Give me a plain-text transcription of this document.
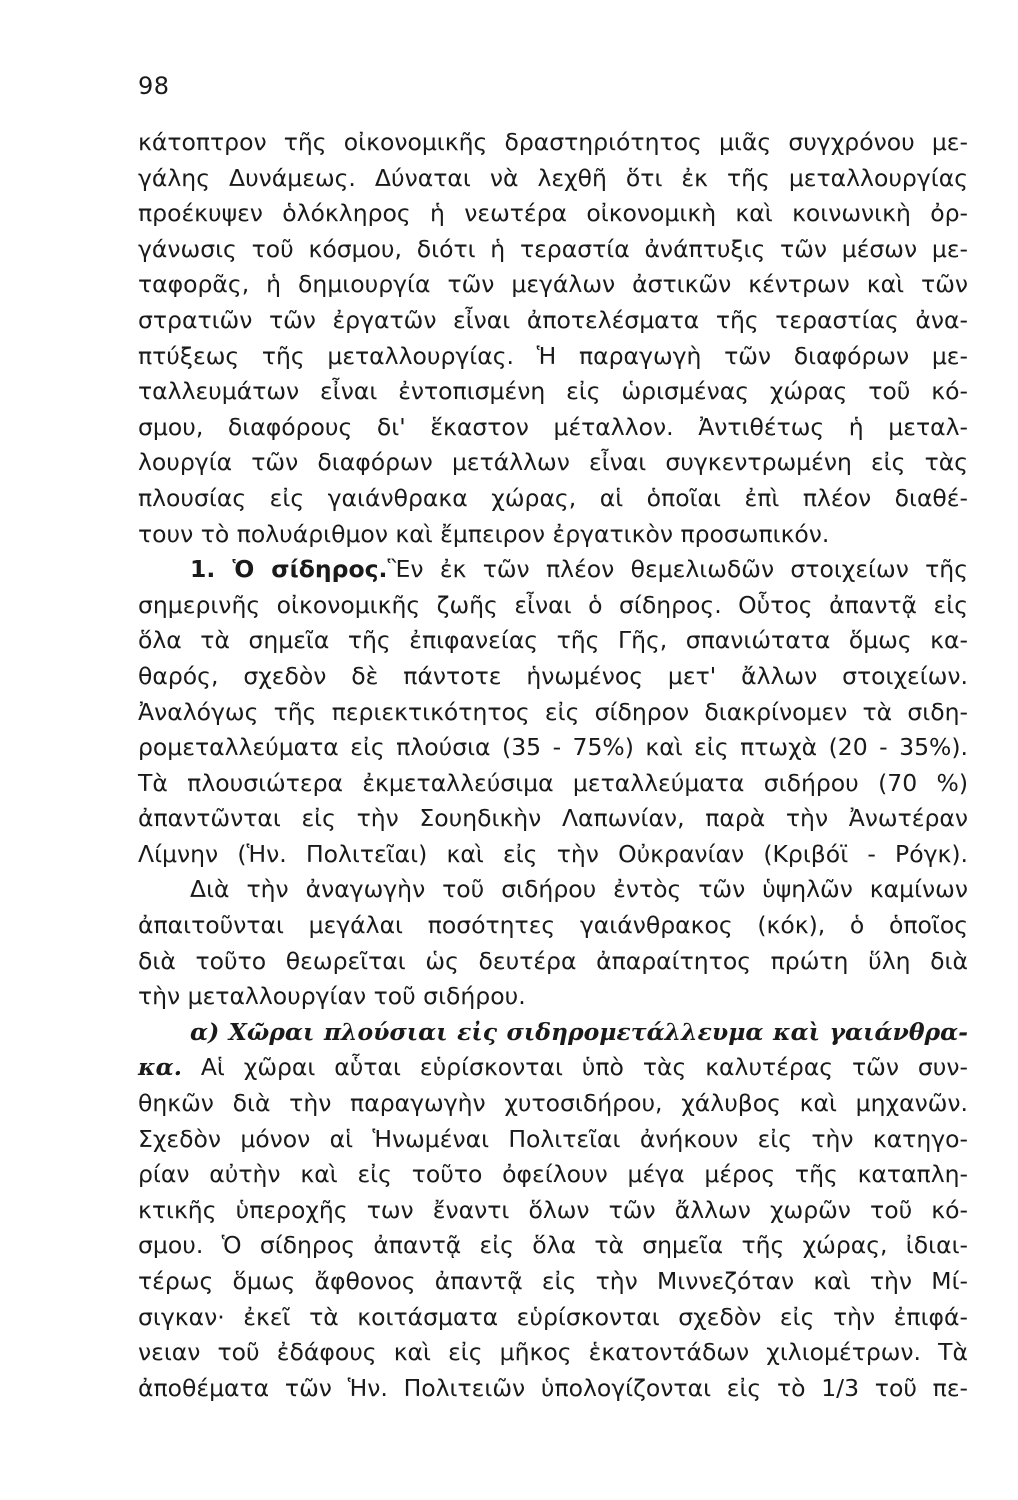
98
κάτοπτρον τῆς οἰκονομικῆς δραστηριότητος μιᾶς συγχρόνου με-
γάλης Δυνάμεως. Δύναται νὰ λεχθῆ ὅτι ἐκ τῆς μεταλλουργίας
προέκυψεν ὁλόκληρος ἡ νεωτέρα οἰκονομικὴ καὶ κοινωνικὴ ὀρ-
γάνωσις τοῦ κόσμου, διότι ἡ τεραστία ἀνάπτυξις τῶν μέσων με-
ταφορᾶς, ἡ δημιουργία τῶν μεγάλων ἀστικῶν κέντρων καὶ τῶν
στρατιῶν τῶν ἐργατῶν εἶναι ἀποτελέσματα τῆς τεραστίας ἀνα-
πτύξεως τῆς μεταλλουργίας. Ἡ παραγωγὴ τῶν διαφόρων με-
ταλλευμάτων εἶναι ἐντοπισμένη εἰς ὡρισμένας χώρας τοῦ κό-
σμου, διαφόρους δι' ἕκαστον μέταλλον. Ἀντιθέτως ἡ μεταλ-
λουργία τῶν διαφόρων μετάλλων εἶναι συγκεντρωμένη εἰς τὰς
πλουσίας εἰς γαιάνθρακα χώρας, αἱ ὁποῖαι ἐπὶ πλέον διαθέ-
τουν τὸ πολυάριθμον καὶ ἔμπειρον ἐργατικὸν προσωπικόν.
1. Ὁ σίδηρος.Ἓν ἐκ τῶν πλέον θεμελιωδῶν στοιχείων τῆς
σημερινῆς οἰκονομικῆς ζωῆς εἶναι ὁ σίδηρος. Οὗτος ἀπαντᾷ εἰς
ὅλα τὰ σημεῖα τῆς ἐπιφανείας τῆς Γῆς, σπανιώτατα ὅμως κα-
θαρός, σχεδὸν δὲ πάντοτε ἡνωμένος μετ' ἄλλων στοιχείων.
Ἀναλόγως τῆς περιεκτικότητος εἰς σίδηρον διακρίνομεν τὰ σιδη-
ρομεταλλεύματα εἰς πλούσια (35 - 75%) καὶ εἰς πτωχὰ (20 - 35%).
Τὰ πλουσιώτερα ἐκμεταλλεύσιμα μεταλλεύματα σιδήρου (70 %)
ἀπαντῶνται εἰς τὴν Σουηδικὴν Λαπωνίαν, παρὰ τὴν Ἀνωτέραν
Λίμνην (Ἡν. Πολιτεῖαι) καὶ εἰς τὴν Οὐκρανίαν (Κριβόϊ - Ρόγκ).
Διὰ τὴν ἀναγωγὴν τοῦ σιδήρου ἐντὸς τῶν ὑψηλῶν καμίνων
ἀπαιτοῦνται μεγάλαι ποσότητες γαιάνθρακος (κόκ), ὁ ὁποῖος
διὰ τοῦτο θεωρεῖται ὡς δευτέρα ἀπαραίτητος πρώτη ὕλη διὰ
τὴν μεταλλουργίαν τοῦ σιδήρου.
α) Χῶραι πλούσιαι εἰς σιδηρομετάλλευμα καὶ γαιάνθρα-
κα. Αἱ χῶραι αὗται εὑρίσκονται ὑπὸ τὰς καλυτέρας τῶν συν-
θηκῶν διὰ τὴν παραγωγὴν χυτοσιδήρου, χάλυβος καὶ μηχανῶν.
Σχεδὸν μόνον αἱ Ἡνωμέναι Πολιτεῖαι ἀνήκουν εἰς τὴν κατηγο-
ρίαν αὐτὴν καὶ εἰς τοῦτο ὀφείλουν μέγα μέρος τῆς καταπλη-
κτικῆς ὑπεροχῆς των ἔναντι ὅλων τῶν ἄλλων χωρῶν τοῦ κό-
σμου. Ὁ σίδηρος ἀπαντᾷ εἰς ὅλα τὰ σημεῖα τῆς χώρας, ἰδιαι-
τέρως ὅμως ἄφθονος ἀπαντᾷ εἰς τὴν Μιννεζόταν καὶ τὴν Μί-
σιγκαν· ἐκεῖ τὰ κοιτάσματα εὑρίσκονται σχεδὸν εἰς τὴν ἐπιφά-
νειαν τοῦ ἐδάφους καὶ εἰς μῆκος ἑκατοντάδων χιλιομέτρων. Τὰ
ἀποθέματα τῶν Ἡν. Πολιτειῶν ὑπολογίζονται εἰς τὸ 1/3 τοῦ πε-
